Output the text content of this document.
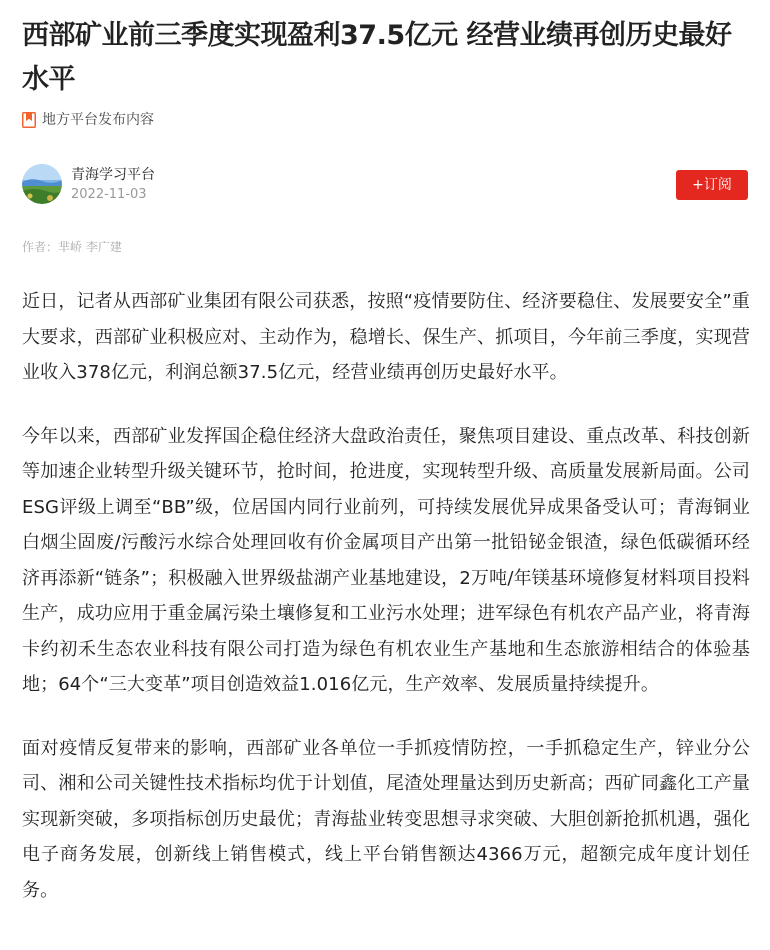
西部矿业前三季度实现盈利37.5亿元 经营业绩再创历史最好水平
地方平台发布内容
青海学习平台
2022-11-03
+订阅
作者：芈峤 李广建

近日，记者从西部矿业集团有限公司获悉，按照“疫情要防住、经济要稳住、发展要安全”重大要求，西部矿业积极应对、主动作为，稳增长、保生产、抓项目，今年前三季度，实现营业收入378亿元，利润总额37.5亿元，经营业绩再创历史最好水平。

今年以来，西部矿业发挥国企稳住经济大盘政治责任，聚焦项目建设、重点改革、科技创新等加速企业转型升级关键环节，抢时间，抢进度，实现转型升级、高质量发展新局面。公司ESG评级上调至“BB”级，位居国内同行业前列，可持续发展优异成果备受认可；青海铜业白烟尘固废/污酸污水综合处理回收有价金属项目产出第一批铅铋金银渣，绿色低碳循环经济再添新“链条”；积极融入世界级盐湖产业基地建设，2万吨/年镁基环境修复材料项目投料生产，成功应用于重金属污染土壤修复和工业污水处理；进军绿色有机农产品产业，将青海卡约初禾生态农业科技有限公司打造为绿色有机农业生产基地和生态旅游相结合的体验基地；64个“三大变革”项目创造效益1.016亿元，生产效率、发展质量持续提升。

面对疫情反复带来的影响，西部矿业各单位一手抓疫情防控，一手抓稳定生产，锌业分公司、湘和公司关键性技术指标均优于计划值，尾渣处理量达到历史新高；西矿同鑫化工产量实现新突破，多项指标创历史最优；青海盐业转变思想寻求突破、大胆创新抢抓机遇，强化电子商务发展，创新线上销售模式，线上平台销售额达4366万元，超额完成年度计划任务。
